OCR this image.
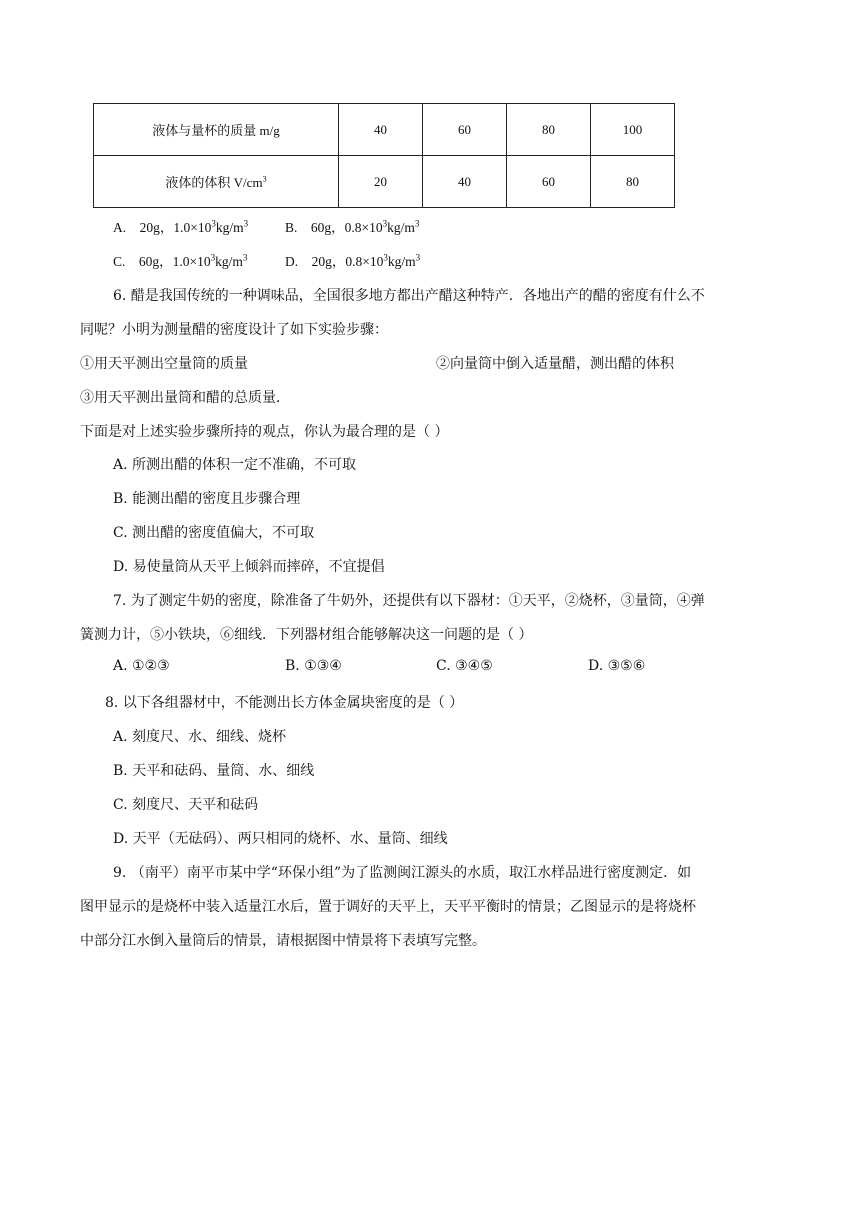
液体与量杯的质量 m/g	40	60	80	100
液体的体积 $V/cm^3$	20	40	60	80
A. 20g，$1.0\times 10^3kg/m^3$	B. 60g，$0.8\times 10^3kg/m^3$
C. 60g，$1.0\times 10^3kg/m^3$	D. 20g，$0.8\times 10^3kg/m^3$
6. 醋是我国传统的一种调味品，全国很多地方都出产醋这种特产．各地出产的醋的密度有什么不
同呢？小明为测量醋的密度设计了如下实验步骤：
①用天平测出空量筒的质量	②向量筒中倒入适量醋，测出醋的体积
③用天平测出量筒和醋的总质量．
下面是对上述实验步骤所持的观点，你认为最合理的是（ ）
A. 所测出醋的体积一定不准确，不可取
B. 能测出醋的密度且步骤合理
C. 测出醋的密度值偏大，不可取
D. 易使量筒从天平上倾斜而摔碎，不宜提倡
7. 为了测定牛奶的密度，除准备了牛奶外，还提供有以下器材：①天平，②烧杯，③量筒，④弹
簧测力计，⑤小铁块，⑥细线．下列器材组合能够解决这一问题的是（ ）
A. ①②③	B. ①③④	C. ③④⑤	D. ③⑤⑥
8. 以下各组器材中，不能测出长方体金属块密度的是（ ）
A. 刻度尺、水、细线、烧杯
B. 天平和砝码、量筒、水、细线
C. 刻度尺、天平和砝码
D. 天平（无砝码）、两只相同的烧杯、水、量筒、细线
9. （南平）南平市某中学“环保小组”为了监测闽江源头的水质，取江水样品进行密度测定．如
图甲显示的是烧杯中装入适量江水后，置于调好的天平上，天平平衡时的情景；乙图显示的是将烧杯
中部分江水倒入量筒后的情景，请根据图中情景将下表填写完整。
